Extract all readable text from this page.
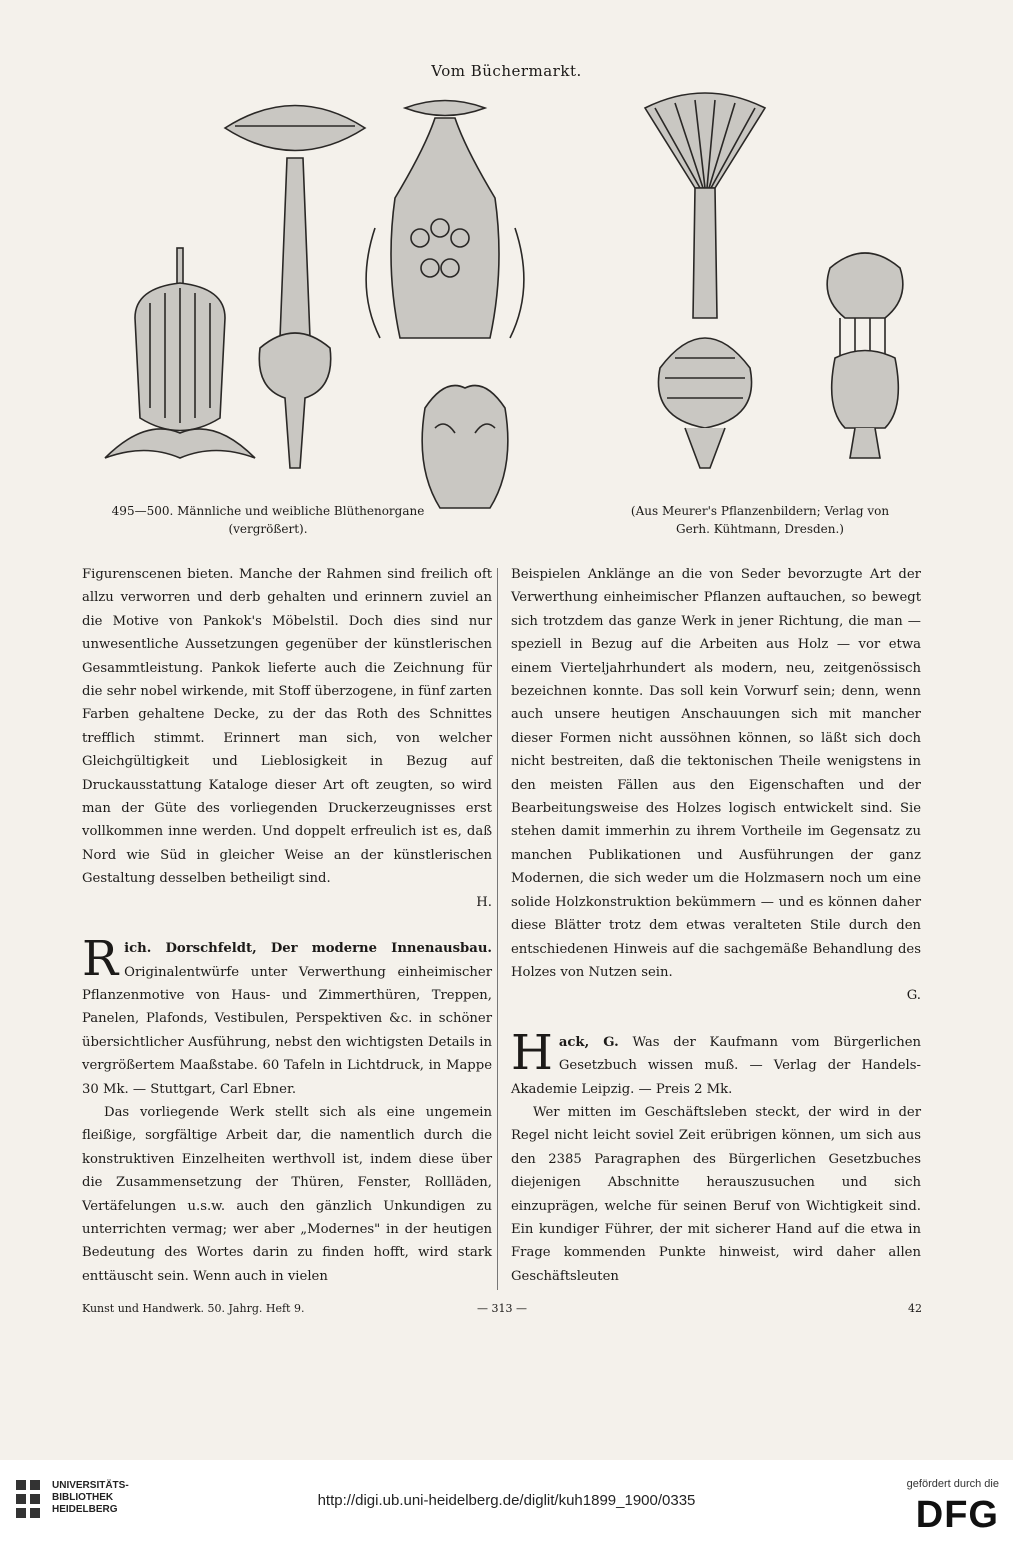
Vom Büchermarkt.
495—500. Männliche und weibliche Blüthenorgane
(vergrößert).
(Aus Meurer's Pflanzenbildern; Verlag von
Gerh. Kühtmann, Dresden.)

Figurenscenen bieten. Manche der Rahmen sind freilich oft allzu verworren und derb gehalten und erinnern zuviel an die Motive von Pankok's Möbelstil. Doch dies sind nur unwesentliche Aussetzungen gegenüber der künstlerischen Gesammtleistung. Pankok lieferte auch die Zeichnung für die sehr nobel wirkende, mit Stoff überzogene, in fünf zarten Farben gehaltene Decke, zu der das Roth des Schnittes trefflich stimmt. Erinnert man sich, von welcher Gleichgültigkeit und Lieblosigkeit in Bezug auf Druckausstattung Kataloge dieser Art oft zeugten, so wird man der Güte des vorliegenden Druckerzeugnisses erst vollkommen inne werden. Und doppelt erfreulich ist es, daß Nord wie Süd in gleicher Weise an der künstlerischen Gestaltung desselben betheiligt sind.

H.

R ich. Dorschfeldt, Der moderne Innenausbau. Originalentwürfe unter Verwerthung einheimischer Pflanzenmotive von Haus- und Zimmerthüren, Treppen, Panelen, Plafonds, Vestibulen, Perspektiven &c. in schöner übersichtlicher Ausführung, nebst den wichtigsten Details in vergrößertem Maaßstabe. 60 Tafeln in Lichtdruck, in Mappe 30 Mk. — Stuttgart, Carl Ebner.

Das vorliegende Werk stellt sich als eine ungemein fleißige, sorgfältige Arbeit dar, die namentlich durch die konstruktiven Einzelheiten werthvoll ist, indem diese über die Zusammensetzung der Thüren, Fenster, Rollläden, Vertäfelungen u.s.w. auch den gänzlich Unkundigen zu unterrichten vermag; wer aber „Modernes" in der heutigen Bedeutung des Wortes darin zu finden hofft, wird stark enttäuscht sein. Wenn auch in vielen

Beispielen Anklänge an die von Seder bevorzugte Art der Verwerthung einheimischer Pflanzen auftauchen, so bewegt sich trotzdem das ganze Werk in jener Richtung, die man — speziell in Bezug auf die Arbeiten aus Holz — vor etwa einem Vierteljahrhundert als modern, neu, zeitgenössisch bezeichnen konnte. Das soll kein Vorwurf sein; denn, wenn auch unsere heutigen Anschauungen sich mit mancher dieser Formen nicht aussöhnen können, so läßt sich doch nicht bestreiten, daß die tektonischen Theile wenigstens in den meisten Fällen aus den Eigenschaften und der Bearbeitungsweise des Holzes logisch entwickelt sind. Sie stehen damit immerhin zu ihrem Vortheile im Gegensatz zu manchen Publikationen und Ausführungen der ganz Modernen, die sich weder um die Holzmasern noch um eine solide Holzkonstruktion bekümmern — und es können daher diese Blätter trotz dem etwas veralteten Stile durch den entschiedenen Hinweis auf die sachgemäße Behandlung des Holzes von Nutzen sein.

G.

H ack, G. Was der Kaufmann vom Bürgerlichen Gesetzbuch wissen muß. — Verlag der Handels-Akademie Leipzig. — Preis 2 Mk.

Wer mitten im Geschäftsleben steckt, der wird in der Regel nicht leicht soviel Zeit erübrigen können, um sich aus den 2385 Paragraphen des Bürgerlichen Gesetzbuches diejenigen Abschnitte herauszusuchen und sich einzuprägen, welche für seinen Beruf von Wichtigkeit sind. Ein kundiger Führer, der mit sicherer Hand auf die etwa in Frage kommenden Punkte hinweist, wird daher allen Geschäftsleuten

Kunst und Handwerk. 50. Jahrg. Heft 9.	— 313 —	42
UNIVERSITÄTS-
BIBLIOTHEK
HEIDELBERG
http://digi.ub.uni-heidelberg.de/diglit/kuh1899_1900/0335
gefördert durch die
DFG
